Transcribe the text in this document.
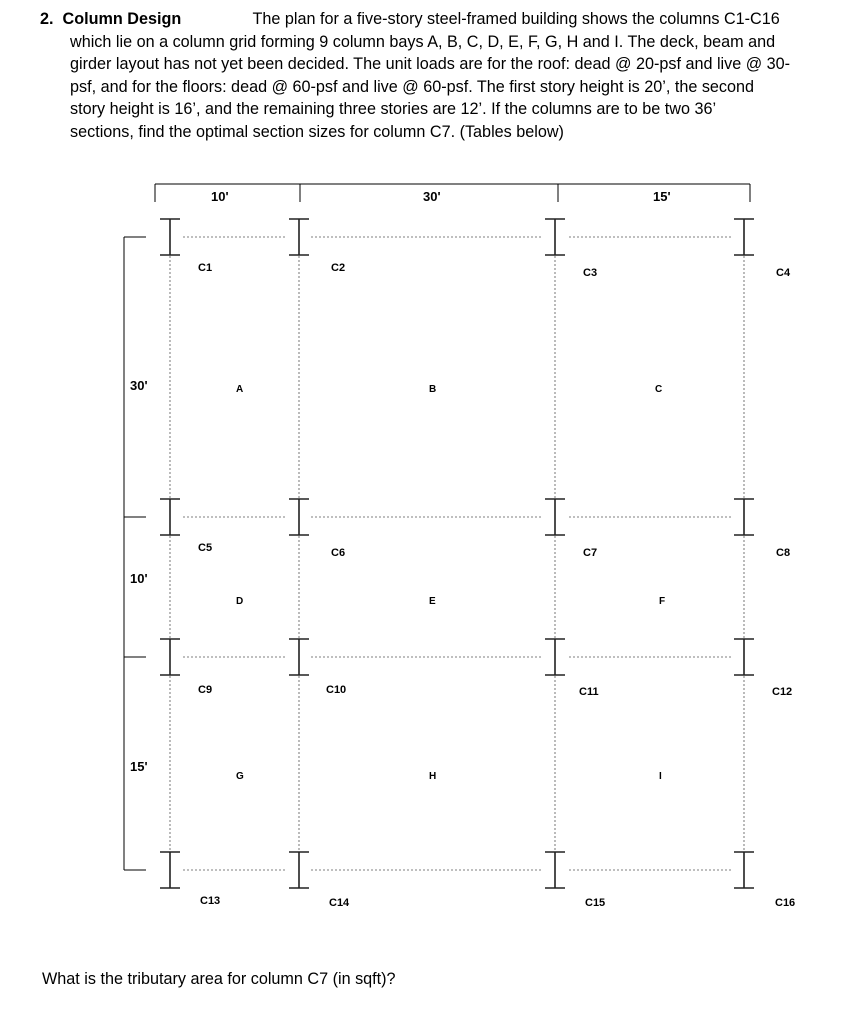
2. Column Design	The plan for a five-story steel-framed building shows the columns C1-C16
which lie on a column grid forming 9 column bays A, B, C, D, E, F, G, H and I. The deck, beam and
girder layout has not yet been decided. The unit loads are for the roof: dead @ 20-psf and live @ 30-
psf, and for the floors: dead @ 60-psf and live @ 60-psf. The first story height is 20’, the second
story height is 16’, and the remaining three stories are 12’. If the columns are to be two 36’
sections, find the optimal section sizes for column C7. (Tables below)
10'	30'	15'
30'
10'
15'
C1	C2	C3	C4
C5	C6	C7	C8
C9	C10	C11	C12
C13	C14	C15	C16
A	B	C
D	E	F
G	H	I
What is the tributary area for column C7 (in sqft)?
